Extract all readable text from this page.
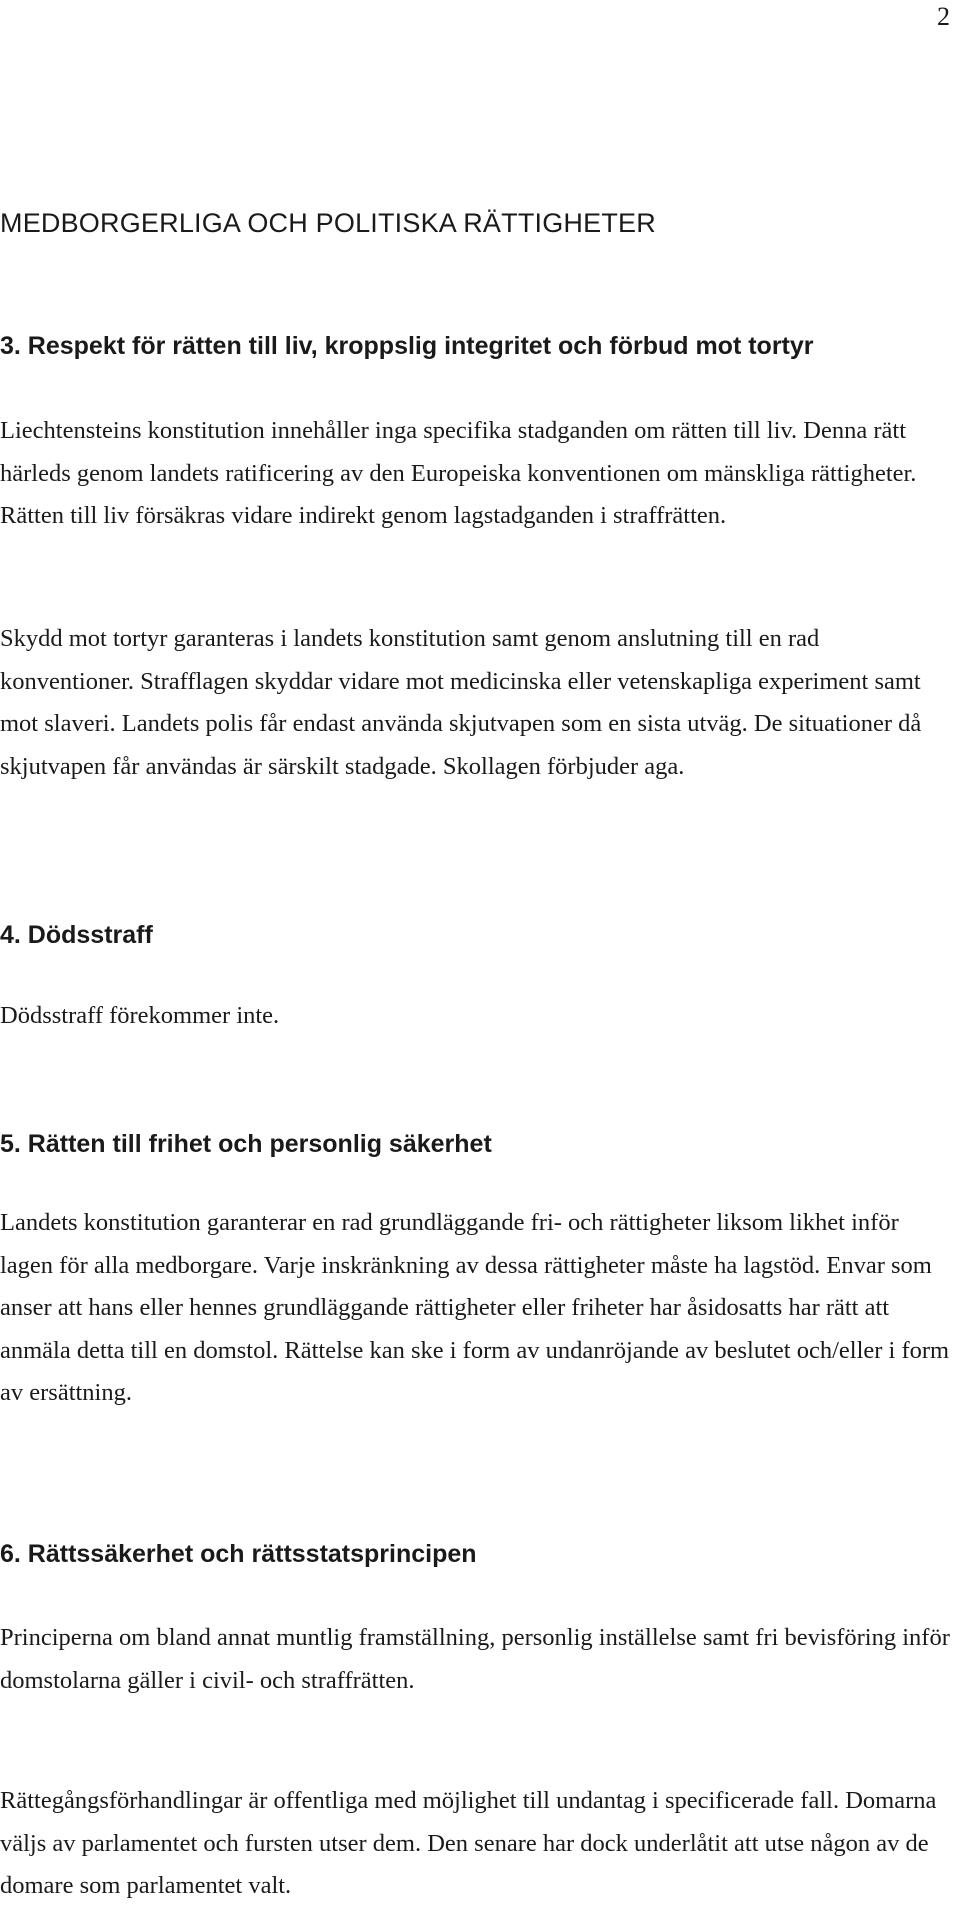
2
MEDBORGERLIGA OCH POLITISKA RÄTTIGHETER
3. Respekt för rätten till liv, kroppslig integritet och förbud mot tortyr

Liechtensteins konstitution innehåller inga specifika stadganden om rätten till liv. Denna rätt härleds genom landets ratificering av den Europeiska konventionen om mänskliga rättigheter. Rätten till liv försäkras vidare indirekt genom lagstadganden i straffrätten.

Skydd mot tortyr garanteras i landets konstitution samt genom anslutning till en rad konventioner. Strafflagen skyddar vidare mot medicinska eller vetenskapliga experiment samt mot slaveri. Landets polis får endast använda skjutvapen som en sista utväg. De situationer då skjutvapen får användas är särskilt stadgade. Skollagen förbjuder aga.

4. Dödsstraff

Dödsstraff förekommer inte.

5. Rätten till frihet och personlig säkerhet

Landets konstitution garanterar en rad grundläggande fri- och rättigheter liksom likhet inför lagen för alla medborgare. Varje inskränkning av dessa rättigheter måste ha lagstöd. Envar som anser att hans eller hennes grundläggande rättigheter eller friheter har åsidosatts har rätt att anmäla detta till en domstol. Rättelse kan ske i form av undanröjande av beslutet och/eller i form av ersättning.

6. Rättssäkerhet och rättsstatsprincipen

Principerna om bland annat muntlig framställning, personlig inställelse samt fri bevisföring inför domstolarna gäller i civil- och straffrätten.

Rättegångsförhandlingar är offentliga med möjlighet till undantag i specificerade fall. Domarna väljs av parlamentet och fursten utser dem. Den senare har dock underlåtit att utse någon av de domare som parlamentet valt.
